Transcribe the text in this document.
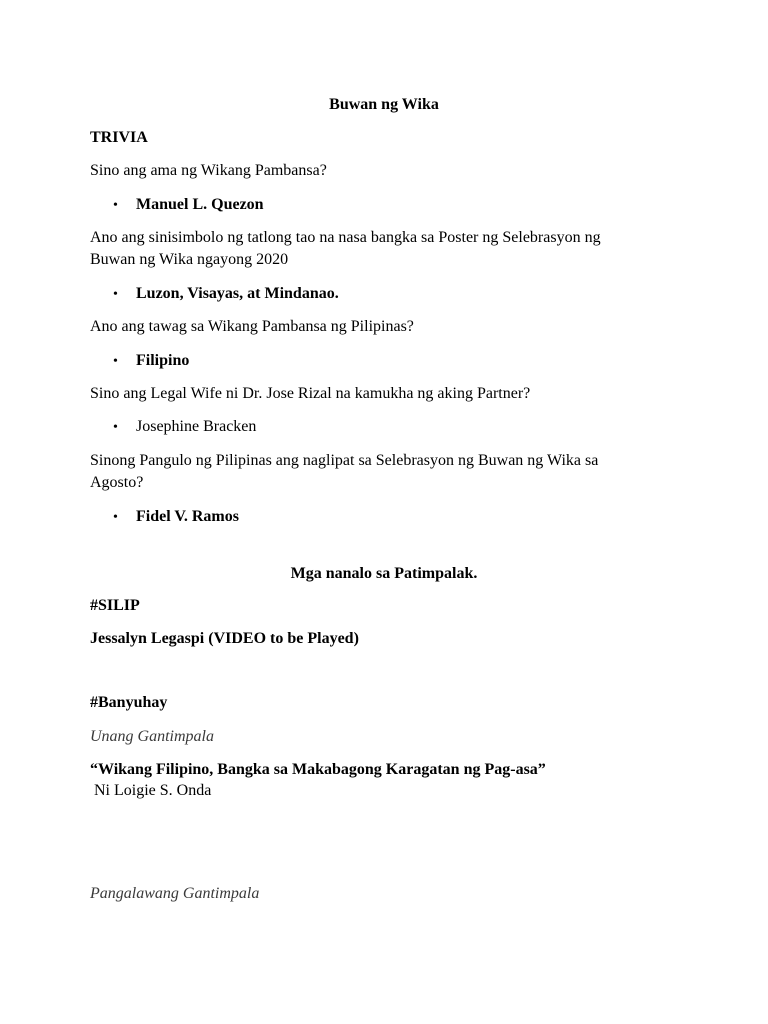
Buwan ng Wika
TRIVIA
Sino ang ama ng Wikang Pambansa?
• Manuel L. Quezon
Ano ang sinisimbolo ng tatlong tao na nasa bangka sa Poster ng Selebrasyon ng
Buwan ng Wika ngayong 2020
• Luzon, Visayas, at Mindanao.
Ano ang tawag sa Wikang Pambansa ng Pilipinas?
• Filipino
Sino ang Legal Wife ni Dr. Jose Rizal na kamukha ng aking Partner?
• Josephine Bracken
Sinong Pangulo ng Pilipinas ang naglipat sa Selebrasyon ng Buwan ng Wika sa
Agosto?
• Fidel V. Ramos
Mga nanalo sa Patimpalak.
#SILIP
Jessalyn Legaspi (VIDEO to be Played)
#Banyuhay
Unang Gantimpala
“Wikang Filipino, Bangka sa Makabagong Karagatan ng Pag-asa”
Ni Loigie S. Onda
Pangalawang Gantimpala
